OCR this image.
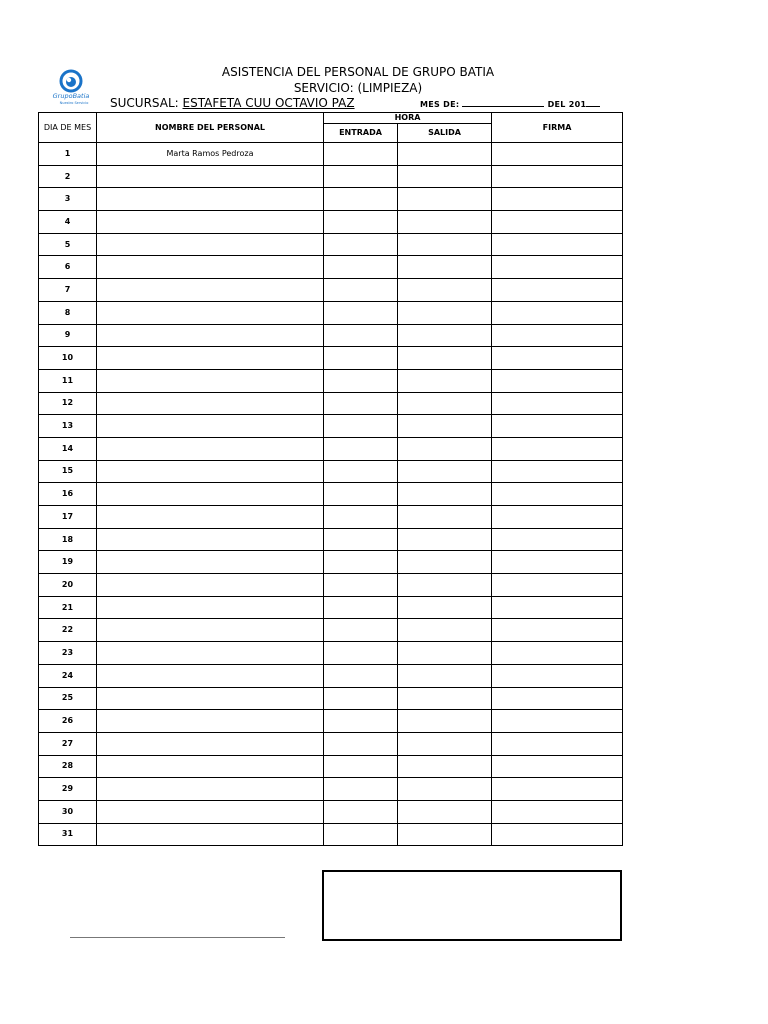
GrupoBatia
Nuestro Servicio
ASISTENCIA DEL PERSONAL DE GRUPO BATIA
SERVICIO: (LIMPIEZA)
SUCURSAL: ESTAFETA CUU OCTAVIO PAZ	MES DE:	DEL 201
DIA DE MES	NOMBRE DEL PERSONAL	HORA		FIRMA
		ENTRADA	SALIDA	
1	Marta Ramos Pedroza			
2				
3				
4				
5				
6				
7				
8				
9				
10				
11				
12				
13				
14				
15				
16				
17				
18				
19				
20				
21				
22				
23				
24				
25				
26				
27				
28				
29				
30				
31				
